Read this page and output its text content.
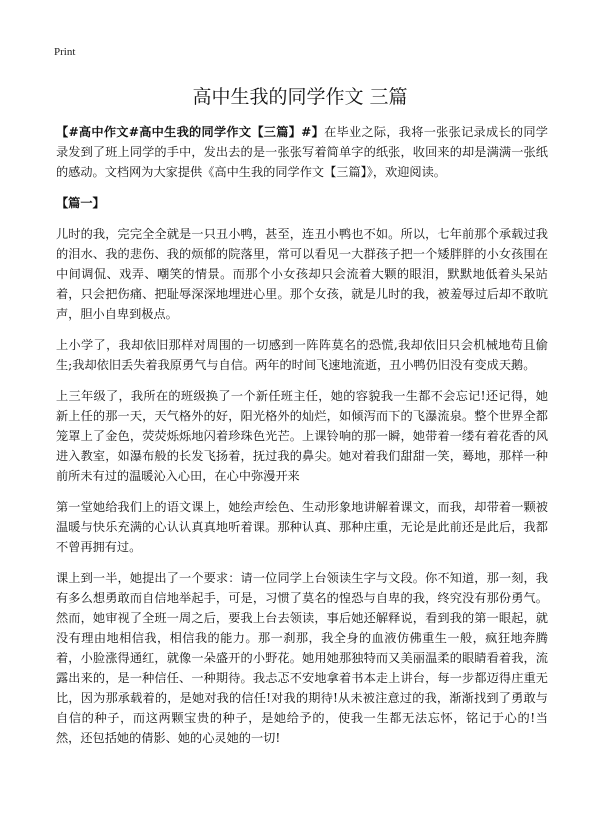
Print
高中生我的同学作文 三篇

【#高中作文#高中生我的同学作文【三篇】#】在毕业之际，我将一张张记录成长的同学录发到了班上同学的手中，发出去的是一张张写着简单字的纸张，收回来的却是满满一张纸的感动。文档网为大家提供《高中生我的同学作文【三篇】》，欢迎阅读。

【篇一】

儿时的我，完完全全就是一只丑小鸭，甚至，连丑小鸭也不如。所以，七年前那个承载过我的泪水、我的悲伤、我的烦郁的院落里，常可以看见一大群孩子把一个矮胖胖的小女孩围在中间调侃、戏弄、嘲笑的情景。而那个小女孩却只会流着大颗的眼泪，默默地低着头呆站着，只会把伤痛、把耻辱深深地埋进心里。那个女孩，就是儿时的我，被羞辱过后却不敢吭声，胆小自卑到极点。

上小学了，我却依旧那样对周围的一切感到一阵阵莫名的恐慌,我却依旧只会机械地苟且偷生;我却依旧丢失着我原勇气与自信。两年的时间飞速地流逝，丑小鸭仍旧没有变成天鹅。

上三年级了，我所在的班级换了一个新任班主任，她的容貌我一生都不会忘记!还记得，她新上任的那一天，天气格外的好，阳光格外的灿烂，如倾泻而下的飞瀑流泉。整个世界全都笼罩上了金色，荧荧烁烁地闪着珍珠色光芒。上课铃响的那一瞬，她带着一缕有着花香的风进入教室，如瀑布般的长发飞扬着，抚过我的鼻尖。她对着我们甜甜一笑，蓦地，那样一种前所未有过的温暖沁入心田，在心中弥漫开来

第一堂她给我们上的语文课上，她绘声绘色、生动形象地讲解着课文，而我，却带着一颗被温暖与快乐充满的心认认真真地听着课。那种认真、那种庄重，无论是此前还是此后，我都不曾再拥有过。

课上到一半，她提出了一个要求：请一位同学上台领读生字与文段。你不知道，那一刻，我有多么想勇敢而自信地举起手，可是，习惯了莫名的惶恐与自卑的我，终究没有那份勇气。然而，她审视了全班一周之后，要我上台去领读，事后她还解释说，看到我的第一眼起，就没有理由地相信我，相信我的能力。那一刹那，我全身的血液仿佛重生一般，疯狂地奔腾着，小脸涨得通红，就像一朵盛开的小野花。她用她那独特而又美丽温柔的眼睛看着我，流露出来的，是一种信任、一种期待。我忐忑不安地拿着书本走上讲台，每一步都迈得庄重无比，因为那承载着的，是她对我的信任!对我的期待!从未被注意过的我，渐渐找到了勇敢与自信的种子，而这两颗宝贵的种子，是她给予的，使我一生都无法忘怀，铭记于心的!当然，还包括她的倩影、她的心灵她的一切!
